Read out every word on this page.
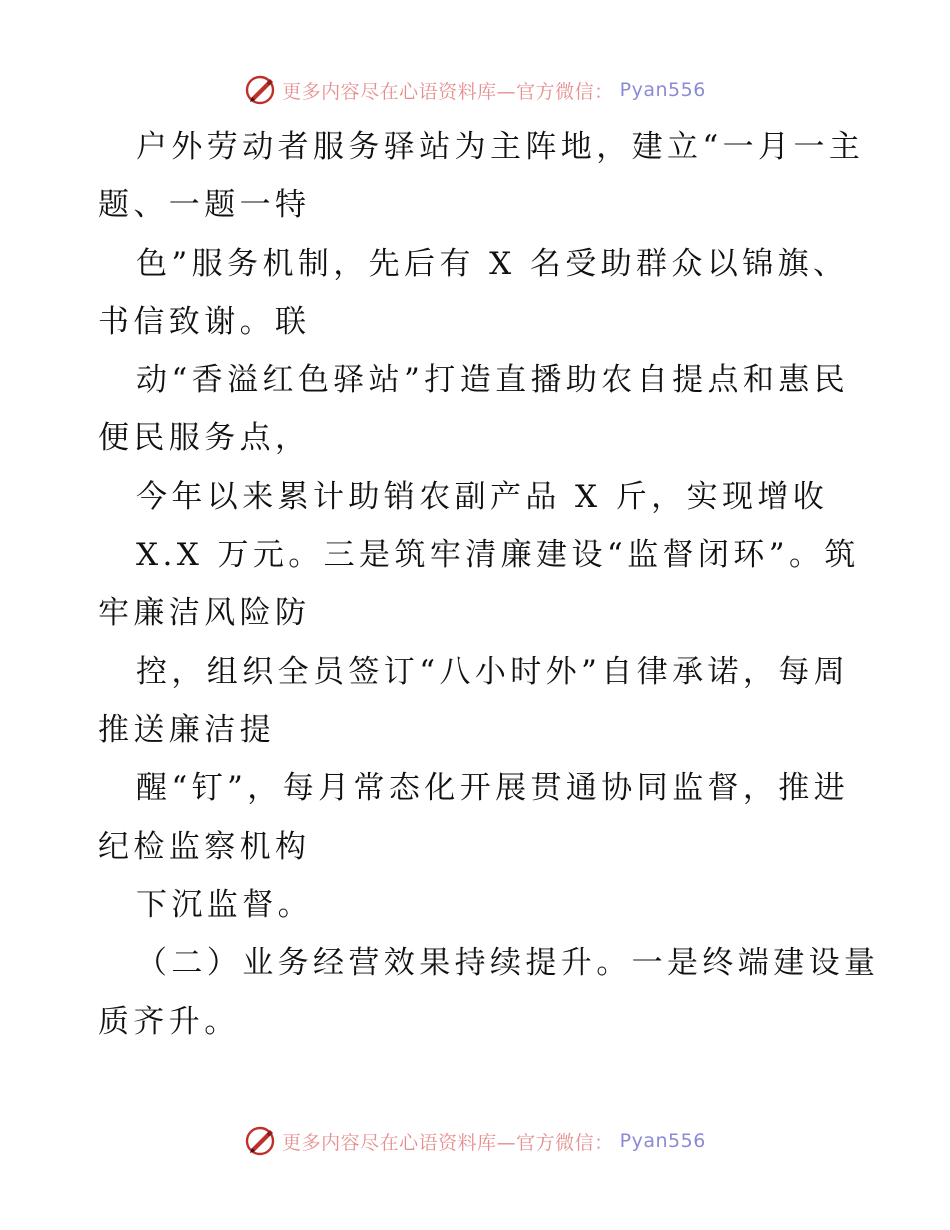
更多内容尽在心语资料库—官方微信： Pyan556
户外劳动者服务驿站为主阵地，建立“一月一主
题、一题一特
色”服务机制，先后有 X 名受助群众以锦旗、
书信致谢。联
动“香溢红色驿站”打造直播助农自提点和惠民
便民服务点，
今年以来累计助销农副产品 X 斤，实现增收
X.X 万元。三是筑牢清廉建设“监督闭环”。筑
牢廉洁风险防
控，组织全员签订“八小时外”自律承诺，每周
推送廉洁提
醒“钉”，每月常态化开展贯通协同监督，推进
纪检监察机构
下沉监督。
（二）业务经营效果持续提升。一是终端建设量
质齐升。
更多内容尽在心语资料库—官方微信： Pyan556
